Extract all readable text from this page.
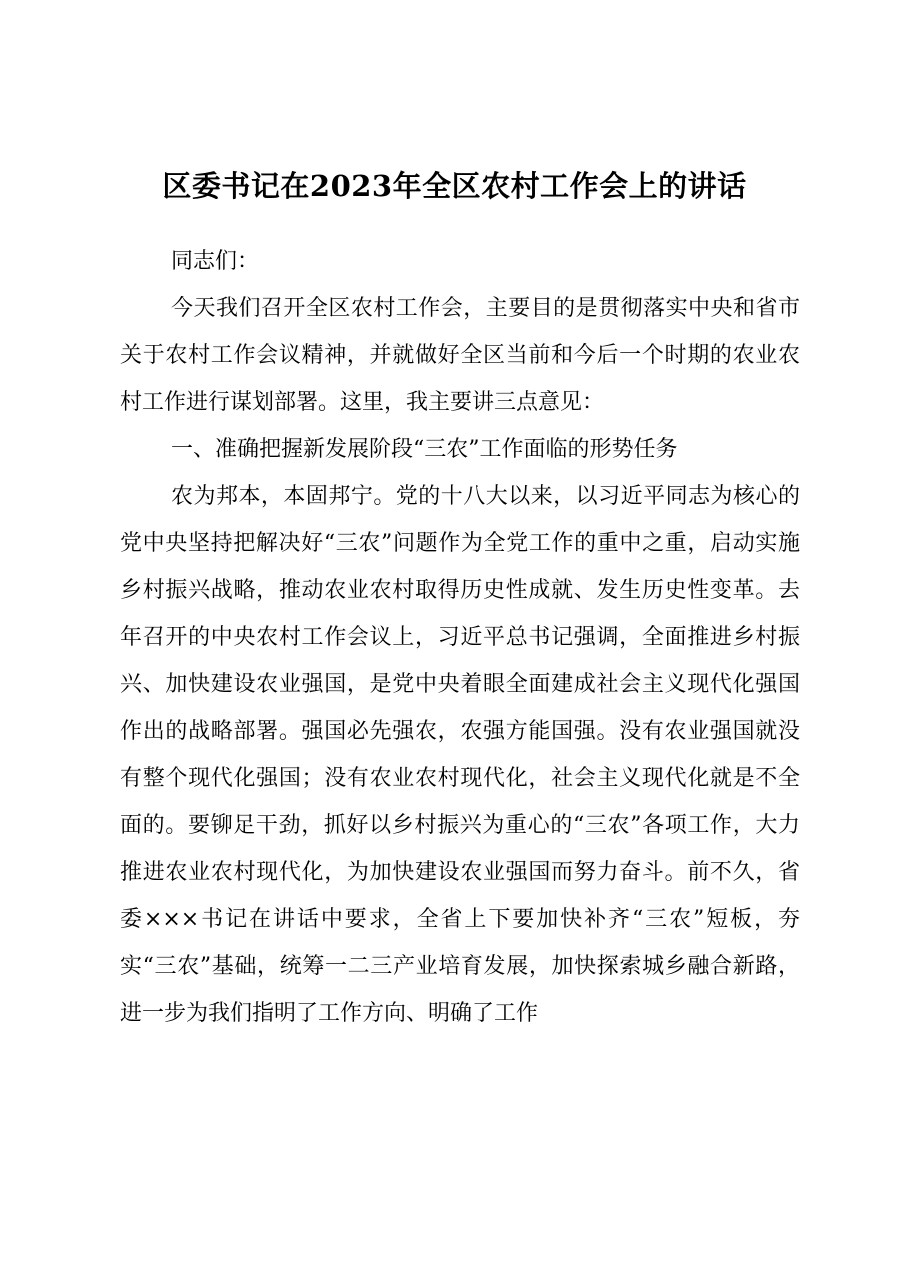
区委书记在2023年全区农村工作会上的讲话

同志们：

今天我们召开全区农村工作会，主要目的是贯彻落实中央和省市关于农村工作会议精神，并就做好全区当前和今后一个时期的农业农村工作进行谋划部署。这里，我主要讲三点意见：

一、准确把握新发展阶段“三农”工作面临的形势任务

农为邦本，本固邦宁。党的十八大以来，以习近平同志为核心的党中央坚持把解决好“三农”问题作为全党工作的重中之重，启动实施乡村振兴战略，推动农业农村取得历史性成就、发生历史性变革。去年召开的中央农村工作会议上，习近平总书记强调，全面推进乡村振兴、加快建设农业强国，是党中央着眼全面建成社会主义现代化强国作出的战略部署。强国必先强农，农强方能国强。没有农业强国就没有整个现代化强国；没有农业农村现代化，社会主义现代化就是不全面的。要铆足干劲，抓好以乡村振兴为重心的“三农”各项工作，大力推进农业农村现代化，为加快建设农业强国而努力奋斗。前不久，省委×××书记在讲话中要求，全省上下要加快补齐“三农”短板，夯实“三农”基础，统筹一二三产业培育发展，加快探索城乡融合新路，进一步为我们指明了工作方向、明确了工作
